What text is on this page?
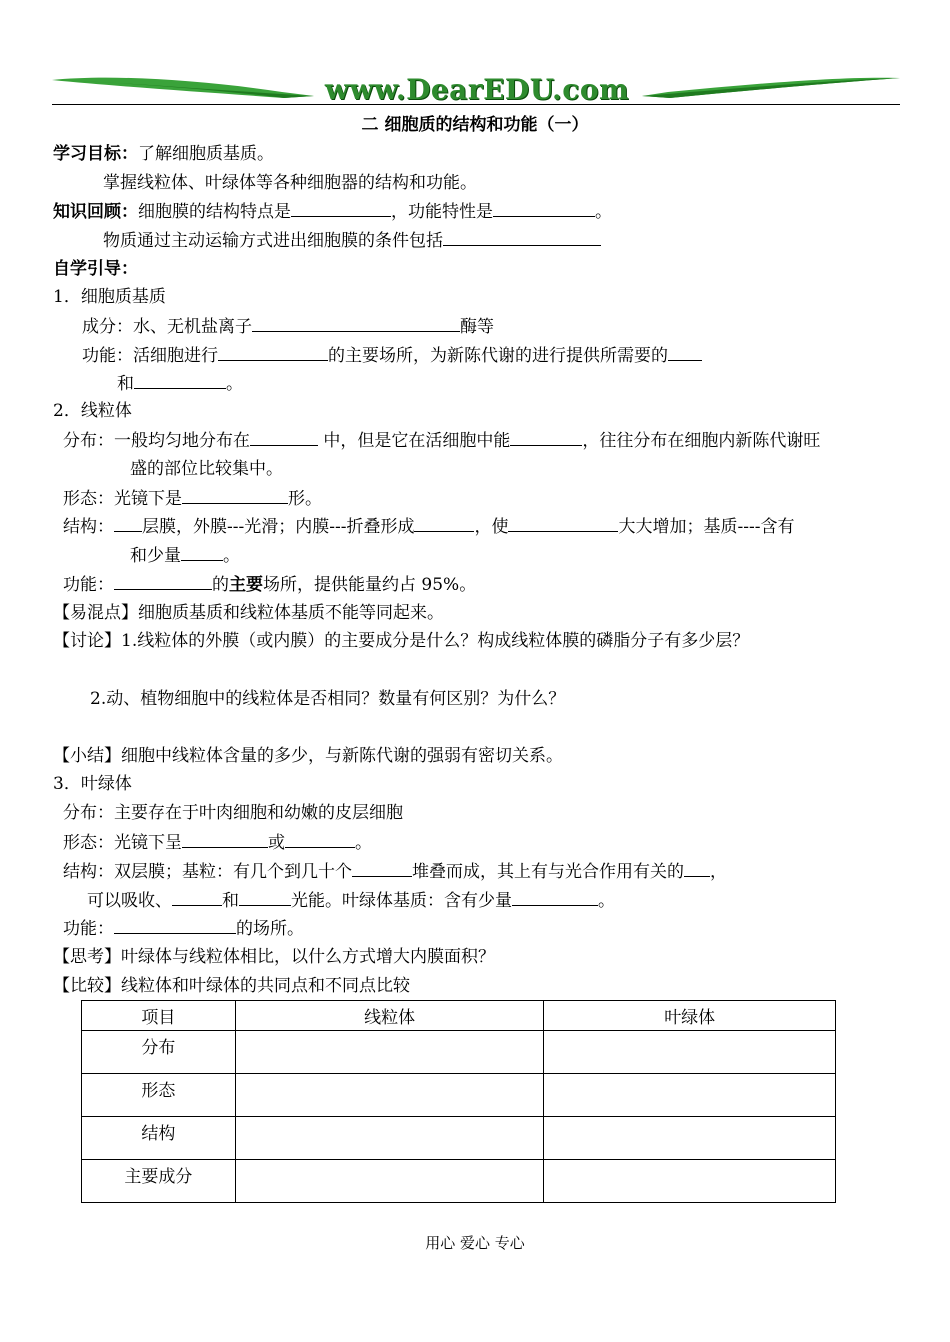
www.DearEDU.com
二 细胞质的结构和功能（一）
学习目标：了解细胞质基质。
掌握线粒体、叶绿体等各种细胞器的结构和功能。
知识回顾：细胞膜的结构特点是	，功能特性是	。
物质通过主动运输方式进出细胞膜的条件包括
自学引导：
1．细胞质基质
成分：水、无机盐离子	酶等
功能：活细胞进行	的主要场所，为新陈代谢的进行提供所需要的
和	。
2．线粒体
分布：一般均匀地分布在	中，但是它在活细胞中能	，往往分布在细胞内新陈代谢旺
盛的部位比较集中。
形态：光镜下是	形。
结构： 层膜，外膜---光滑；内膜---折叠形成	，使	大大增加；基质----含有
和少量 。
功能：	的主要场所，提供能量约占 95%。
【易混点】细胞质基质和线粒体基质不能等同起来。
【讨论】1.线粒体的外膜（或内膜）的主要成分是什么？构成线粒体膜的磷脂分子有多少层？
2.动、植物细胞中的线粒体是否相同？数量有何区别？为什么？
【小结】细胞中线粒体含量的多少，与新陈代谢的强弱有密切关系。
3．叶绿体
分布：主要存在于叶肉细胞和幼嫩的皮层细胞
形态：光镜下呈	或	。
结构：双层膜；基粒：有几个到几十个	堆叠而成，其上有与光合作用有关的 ，
可以吸收、	和	光能。叶绿体基质：含有少量	。
功能：	的场所。
【思考】叶绿体与线粒体相比，以什么方式增大内膜面积？
【比较】线粒体和叶绿体的共同点和不同点比较
项目	线粒体	叶绿体
分布		
形态		
结构		
主要成分		
用心 爱心 专心
